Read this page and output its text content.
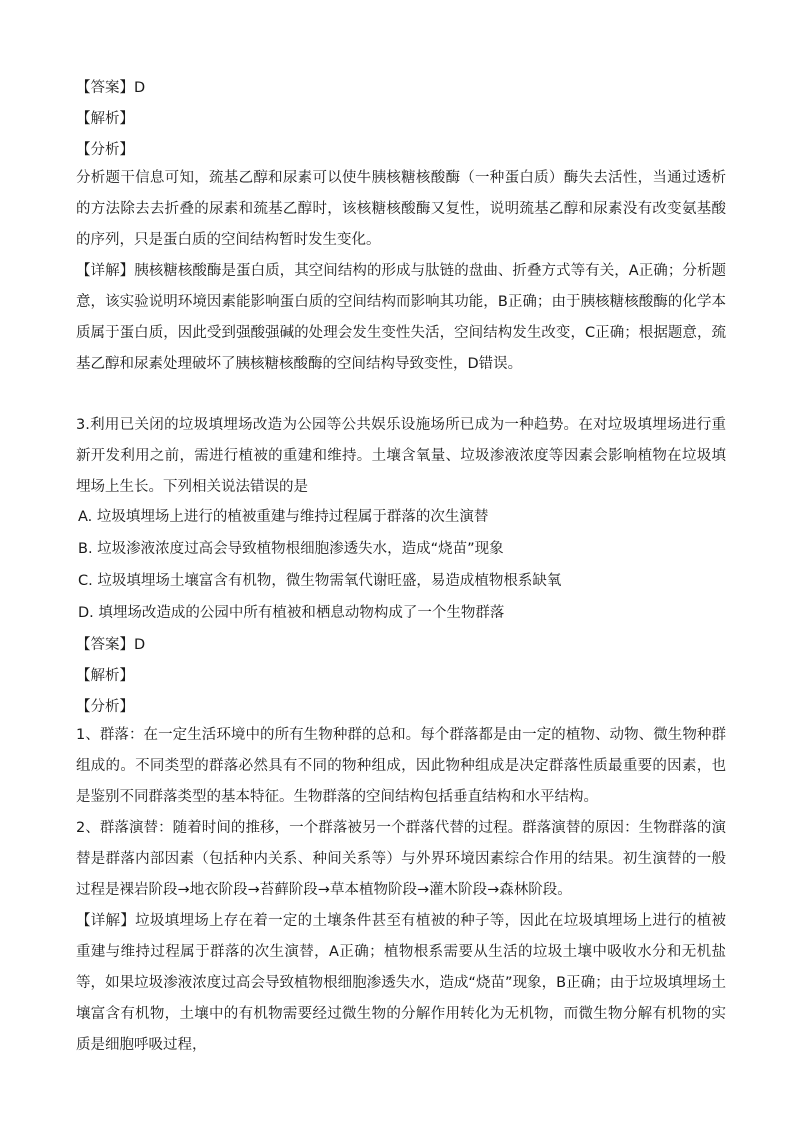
【答案】D
【解析】
【分析】

分析题干信息可知，巯基乙醇和尿素可以使牛胰核糖核酸酶（一种蛋白质）酶失去活性，当通过透析的方法除去去折叠的尿素和巯基乙醇时，该核糖核酸酶又复性，说明巯基乙醇和尿素没有改变氨基酸的序列，只是蛋白质的空间结构暂时发生变化。

【详解】胰核糖核酸酶是蛋白质，其空间结构的形成与肽链的盘曲、折叠方式等有关，A正确；分析题意，该实验说明环境因素能影响蛋白质的空间结构而影响其功能，B正确；由于胰核糖核酸酶的化学本质属于蛋白质，因此受到强酸强碱的处理会发生变性失活，空间结构发生改变，C正确；根据题意，巯基乙醇和尿素处理破坏了胰核糖核酸酶的空间结构导致变性，D错误。

3.利用已关闭的垃圾填埋场改造为公园等公共娱乐设施场所已成为一种趋势。在对垃圾填埋场进行重新开发利用之前，需进行植被的重建和维持。土壤含氧量、垃圾渗液浓度等因素会影响植物在垃圾填埋场上生长。下列相关说法错误的是

A. 垃圾填埋场上进行的植被重建与维持过程属于群落的次生演替
B. 垃圾渗液浓度过高会导致植物根细胞渗透失水，造成“烧苗”现象
C. 垃圾填埋场土壤富含有机物，微生物需氧代谢旺盛，易造成植物根系缺氧
D. 填埋场改造成的公园中所有植被和栖息动物构成了一个生物群落
【答案】D
【解析】
【分析】

1、群落：在一定生活环境中的所有生物种群的总和。每个群落都是由一定的植物、动物、微生物种群组成的。不同类型的群落必然具有不同的物种组成，因此物种组成是决定群落性质最重要的因素，也是鉴别不同群落类型的基本特征。生物群落的空间结构包括垂直结构和水平结构。

2、群落演替：随着时间的推移，一个群落被另一个群落代替的过程。群落演替的原因：生物群落的演替是群落内部因素（包括种内关系、种间关系等）与外界环境因素综合作用的结果。初生演替的一般过程是裸岩阶段→地衣阶段→苔藓阶段→草本植物阶段→灌木阶段→森林阶段。

【详解】垃圾填埋场上存在着一定的土壤条件甚至有植被的种子等，因此在垃圾填埋场上进行的植被重建与维持过程属于群落的次生演替，A正确；植物根系需要从生活的垃圾土壤中吸收水分和无机盐等，如果垃圾渗液浓度过高会导致植物根细胞渗透失水，造成“烧苗”现象，B正确；由于垃圾填埋场土壤富含有机物，土壤中的有机物需要经过微生物的分解作用转化为无机物，而微生物分解有机物的实质是细胞呼吸过程，
